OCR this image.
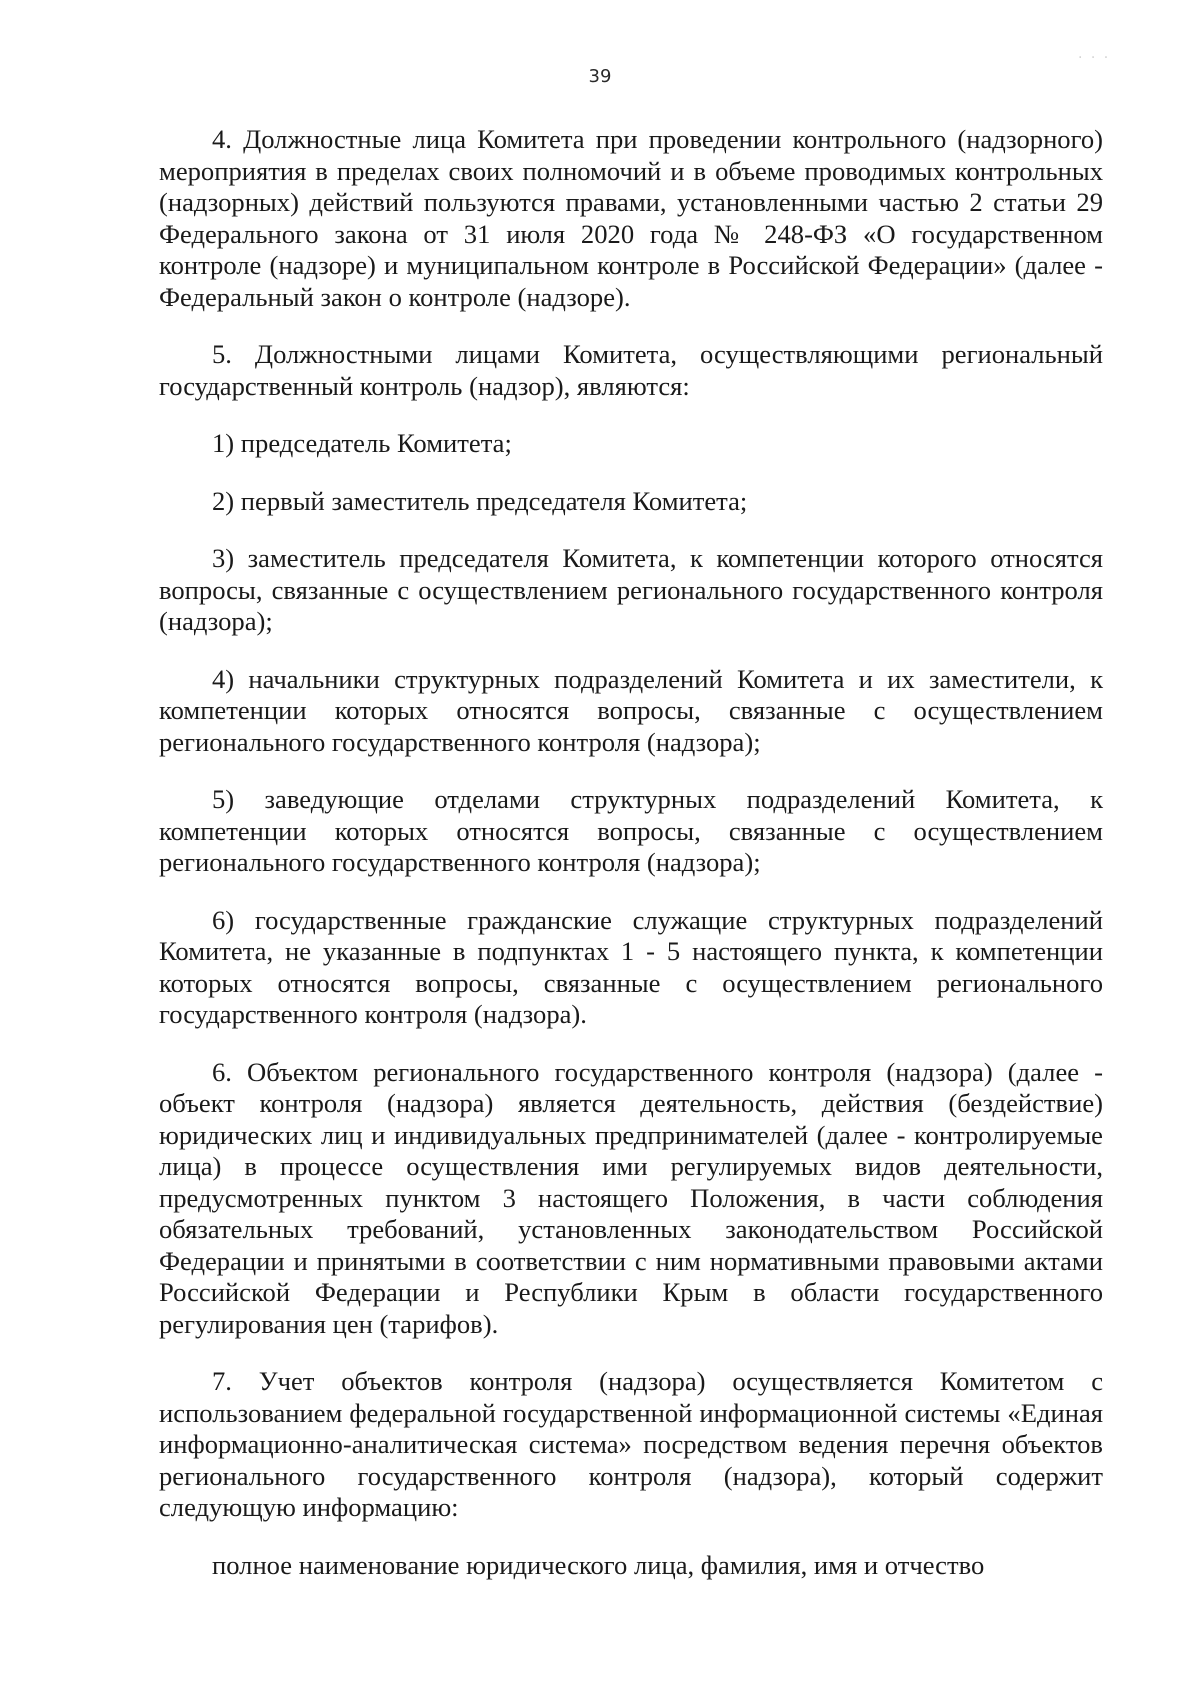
39
· · ·

4. Должностные лица Комитета при проведении контрольного (надзорного) мероприятия в пределах своих полномочий и в объеме проводимых контрольных (надзорных) действий пользуются правами, установленными частью 2 статьи 29 Федерального закона от 31 июля 2020 года № 248-ФЗ «О государственном контроле (надзоре) и муниципальном контроле в Российской Федерации» (далее - Федеральный закон о контроле (надзоре).

5. Должностными лицами Комитета, осуществляющими региональный государственный контроль (надзор), являются:

1) председатель Комитета;

2) первый заместитель председателя Комитета;

3) заместитель председателя Комитета, к компетенции которого относятся вопросы, связанные с осуществлением регионального государственного контроля (надзора);

4) начальники структурных подразделений Комитета и их заместители, к компетенции которых относятся вопросы, связанные с осуществлением регионального государственного контроля (надзора);

5) заведующие отделами структурных подразделений Комитета, к компетенции которых относятся вопросы, связанные с осуществлением регионального государственного контроля (надзора);

6) государственные гражданские служащие структурных подразделений Комитета, не указанные в подпунктах 1 - 5 настоящего пункта, к компетенции которых относятся вопросы, связанные с осуществлением регионального государственного контроля (надзора).

6. Объектом регионального государственного контроля (надзора) (далее - объект контроля (надзора) является деятельность, действия (бездействие) юридических лиц и индивидуальных предпринимателей (далее - контролируемые лица) в процессе осуществления ими регулируемых видов деятельности, предусмотренных пунктом 3 настоящего Положения, в части соблюдения обязательных требований, установленных законодательством Российской Федерации и принятыми в соответствии с ним нормативными правовыми актами Российской Федерации и Республики Крым в области государственного регулирования цен (тарифов).

7. Учет объектов контроля (надзора) осуществляется Комитетом с использованием федеральной государственной информационной системы «Единая информационно-аналитическая система» посредством ведения перечня объектов регионального государственного контроля (надзора), который содержит следующую информацию:

полное наименование юридического лица, фамилия, имя и отчество
